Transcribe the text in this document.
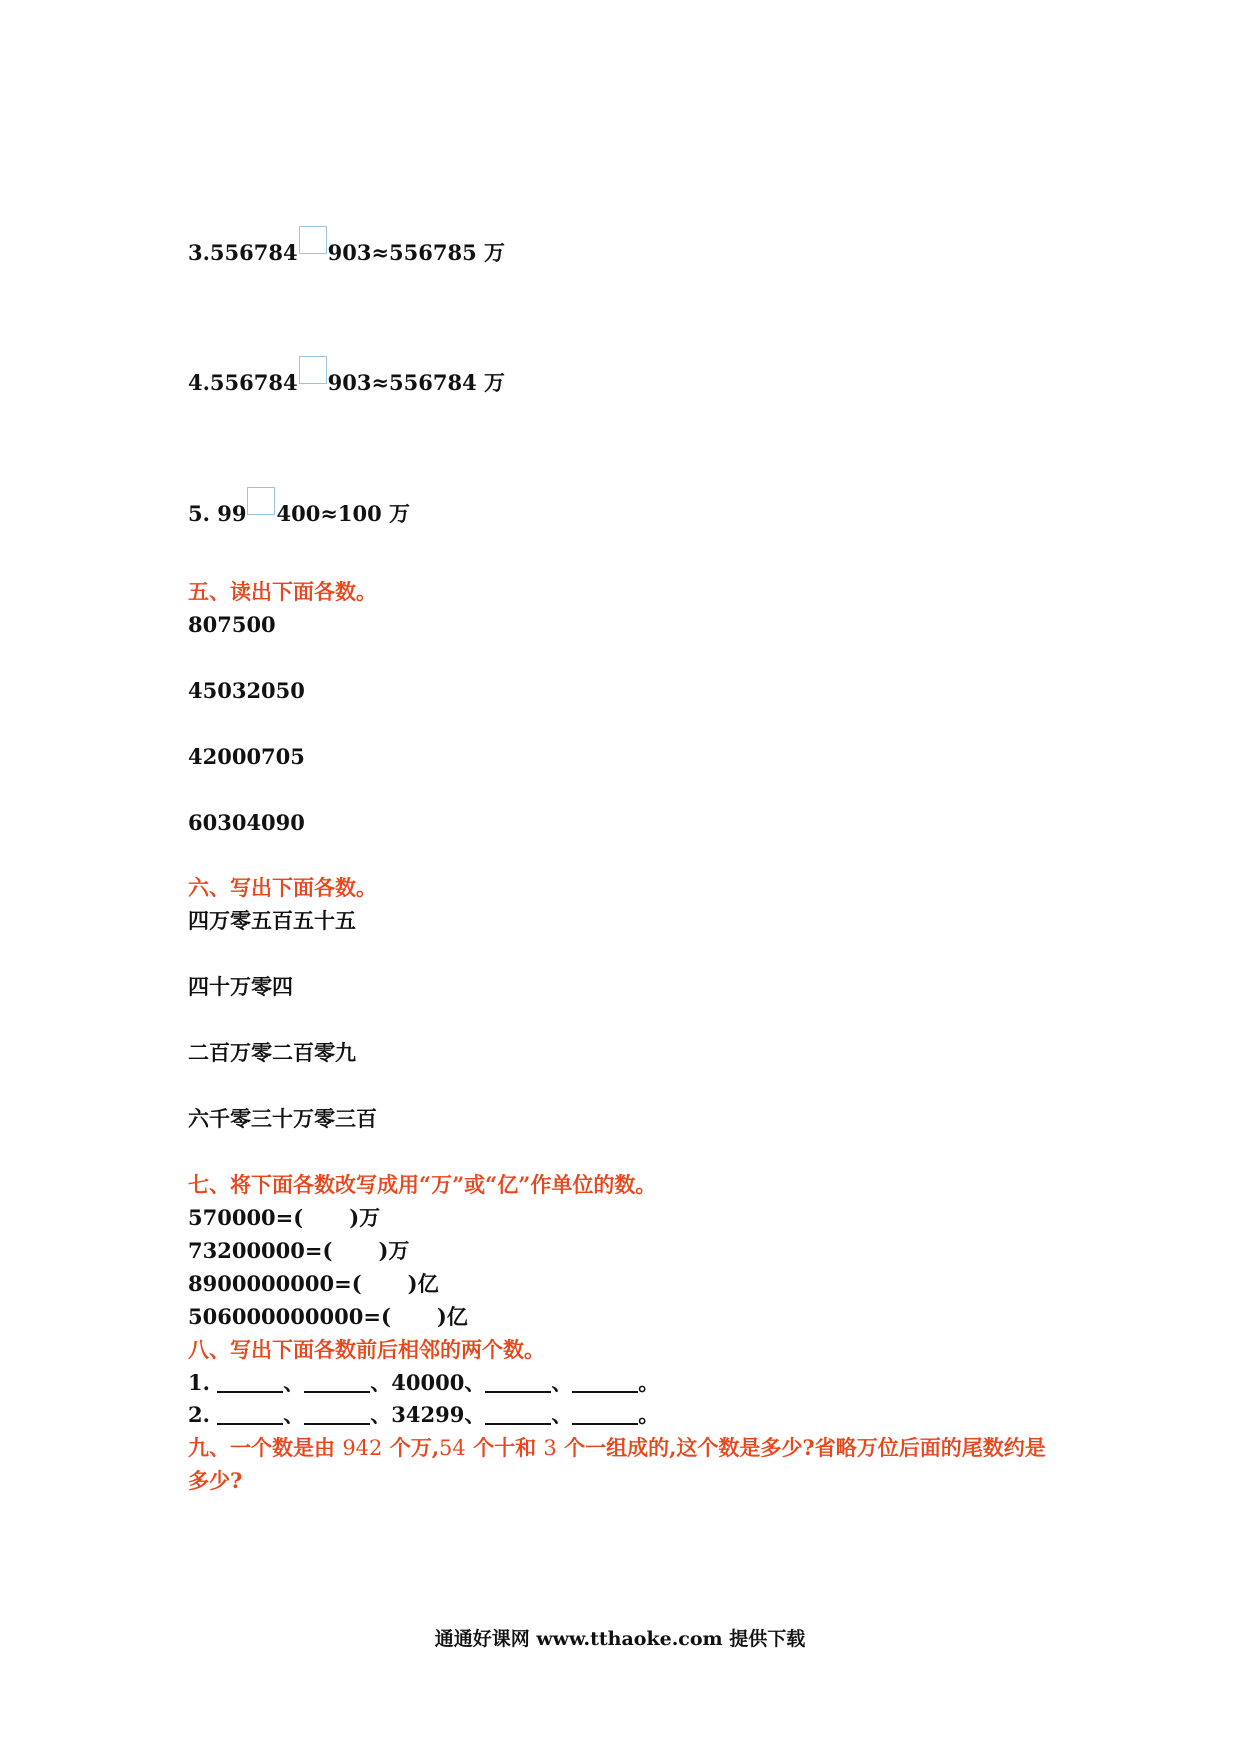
3.556784 903≈556785 万
4.556784 903≈556784 万
5. 99 400≈100 万
五、读出下面各数。
807500
45032050
42000705
60304090
六、写出下面各数。
四万零五百五十五
四十万零四
二百万零二百零九
六千零三十万零三百
七、将下面各数改写成用“万”或“亿”作单位的数。
570000=( )万
73200000=( )万
8900000000=( )亿
506000000000=( )亿
八、写出下面各数前后相邻的两个数。
1.	、	、40000、	、	。
2.	、	、34299、	、	。
九、一个数是由 942 个万,54 个十和 3 个一组成的,这个数是多少?省略万位后面的尾数约是
多少?
通通好课网 www.tthaoke.com 提供下载
